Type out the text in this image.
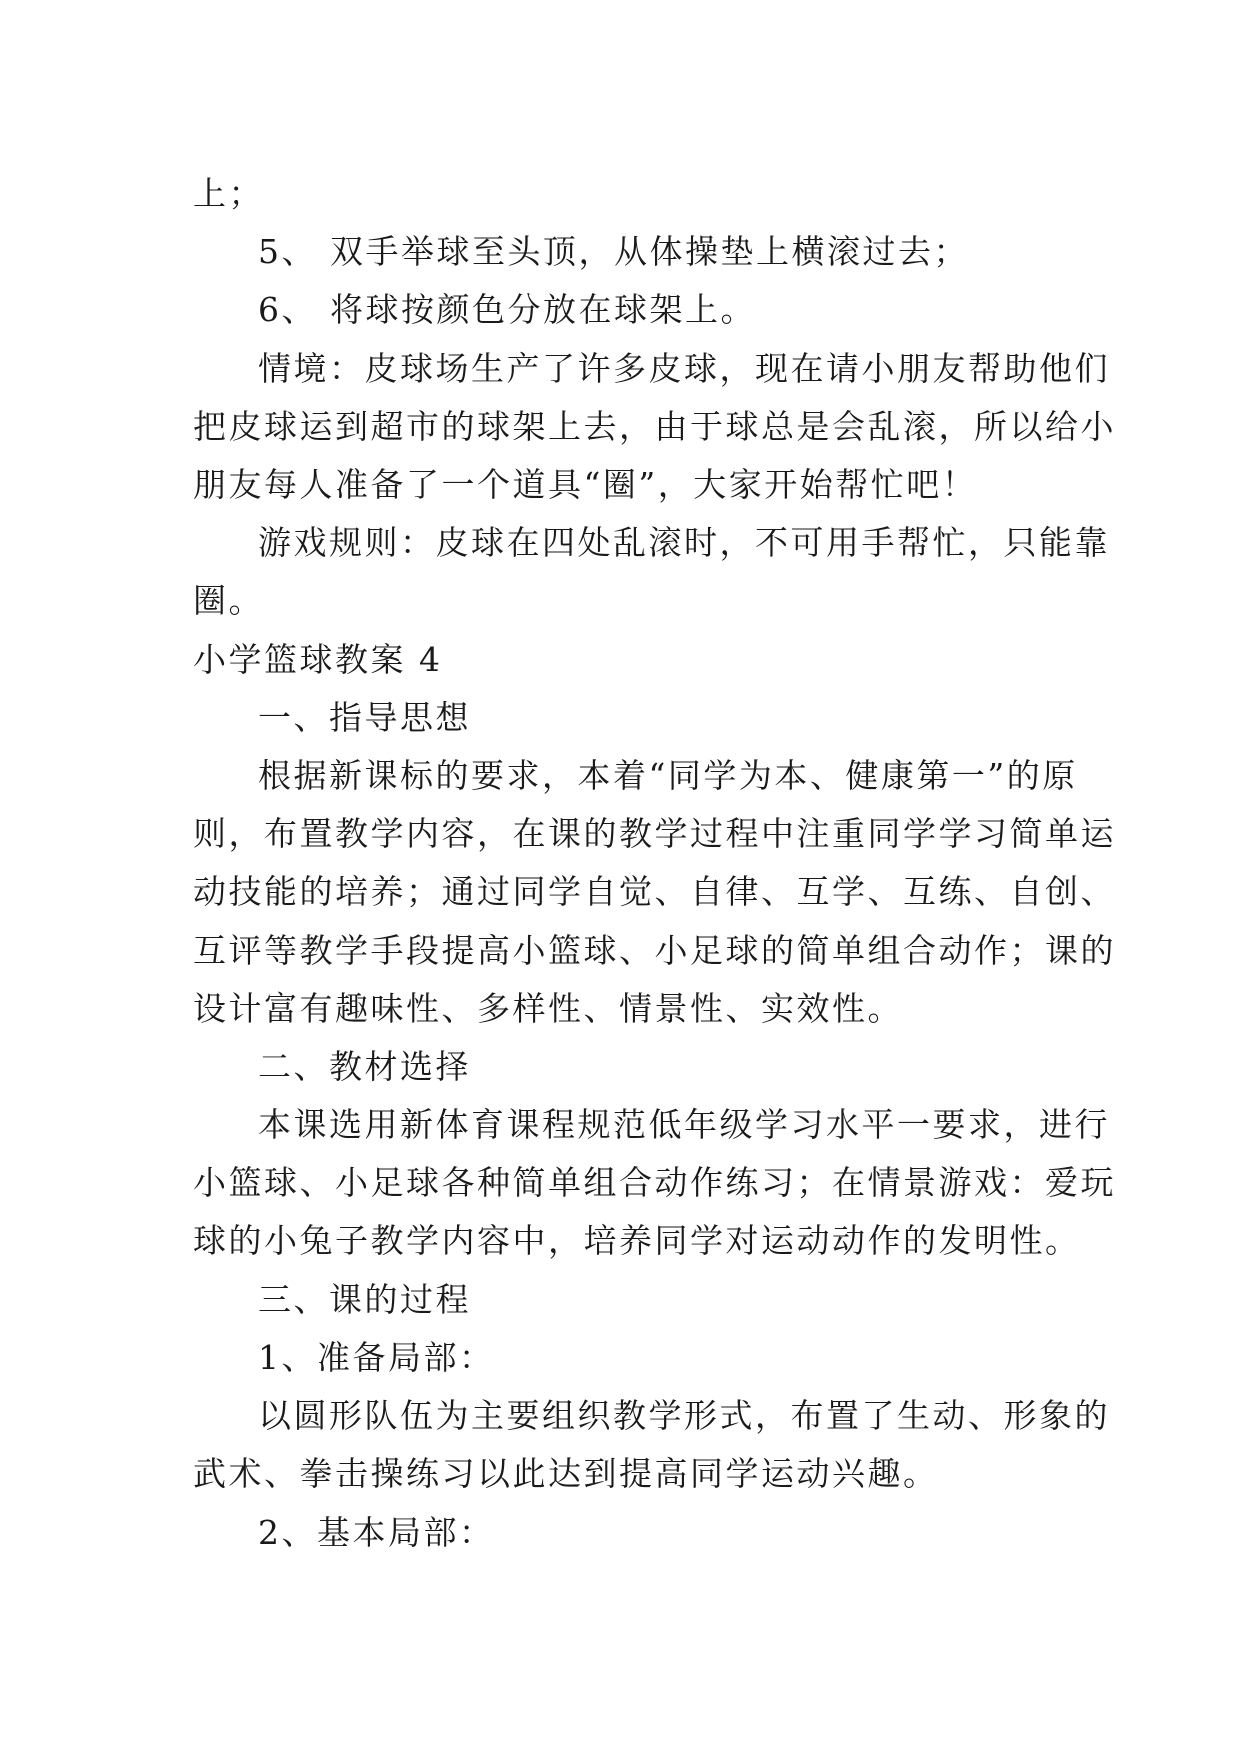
上；
5、 双手举球至头顶，从体操垫上横滚过去；
6、 将球按颜色分放在球架上。
情境：皮球场生产了许多皮球，现在请小朋友帮助他们
把皮球运到超市的球架上去，由于球总是会乱滚，所以给小
朋友每人准备了一个道具“圈”，大家开始帮忙吧！
游戏规则：皮球在四处乱滚时，不可用手帮忙，只能靠
圈。
小学篮球教案 4
一、指导思想
根据新课标的要求，本着“同学为本、健康第一”的原
则，布置教学内容，在课的教学过程中注重同学学习简单运
动技能的培养；通过同学自觉、自律、互学、互练、自创、
互评等教学手段提高小篮球、小足球的简单组合动作；课的
设计富有趣味性、多样性、情景性、实效性。
二、教材选择
本课选用新体育课程规范低年级学习水平一要求，进行
小篮球、小足球各种简单组合动作练习；在情景游戏：爱玩
球的小兔子教学内容中，培养同学对运动动作的发明性。
三、课的过程
1、准备局部：
以圆形队伍为主要组织教学形式，布置了生动、形象的
武术、拳击操练习以此达到提高同学运动兴趣。
2、基本局部：
